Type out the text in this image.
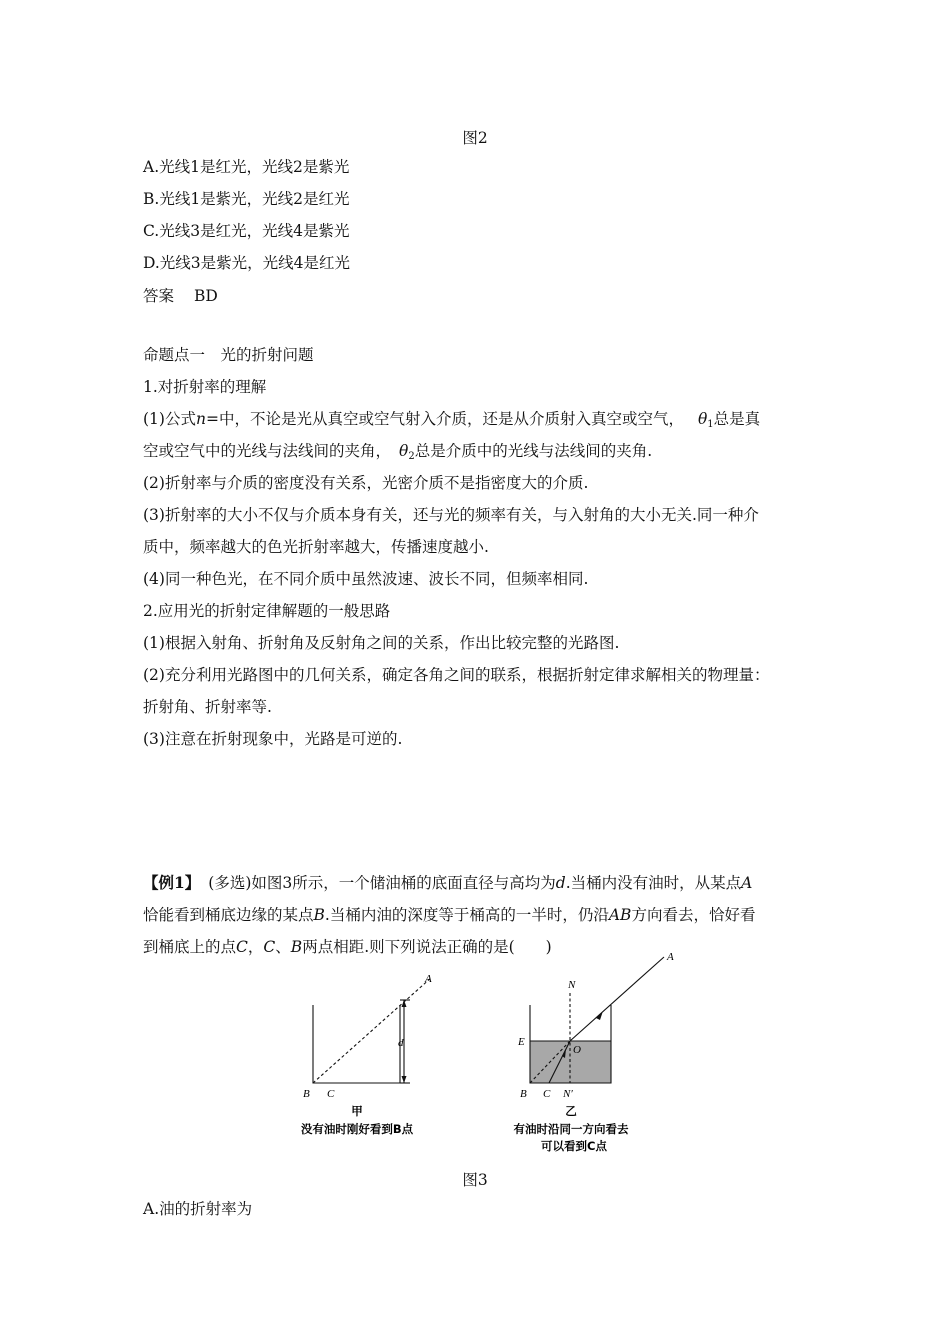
图2
A.光线1是红光，光线2是紫光
B.光线1是紫光，光线2是红光
C.光线3是红光，光线4是紫光
D.光线3是紫光，光线4是红光
答案 BD
命题点一　光的折射问题
1.对折射率的理解
(1)公式n=中，不论是光从真空或空气射入介质，还是从介质射入真空或空气， $\theta_1$总是真
空或空气中的光线与法线间的夹角， $\theta_2$总是介质中的光线与法线间的夹角.
(2)折射率与介质的密度没有关系，光密介质不是指密度大的介质.
(3)折射率的大小不仅与介质本身有关，还与光的频率有关，与入射角的大小无关.同一种介
质中，频率越大的色光折射率越大，传播速度越小.
(4)同一种色光，在不同介质中虽然波速、波长不同，但频率相同.
2.应用光的折射定律解题的一般思路
(1)根据入射角、折射角及反射角之间的关系，作出比较完整的光路图.
(2)充分利用光路图中的几何关系，确定各角之间的联系，根据折射定律求解相关的物理量：
折射角、折射率等.
(3)注意在折射现象中，光路是可逆的.
【例1】 (多选)如图3所示，一个储油桶的底面直径与高均为d.当桶内没有油时，从某点A
恰能看到桶底边缘的某点B.当桶内油的深度等于桶高的一半时，仍沿AB方向看去，恰好看
到桶底上的点C，C、B两点相距.则下列说法正确的是(　　)
A
d
B C
甲
没有油时刚好看到B点
A
N
E
O
B C N′
乙
有油时沿同一方向看去
可以看到C点
图3
A.油的折射率为
